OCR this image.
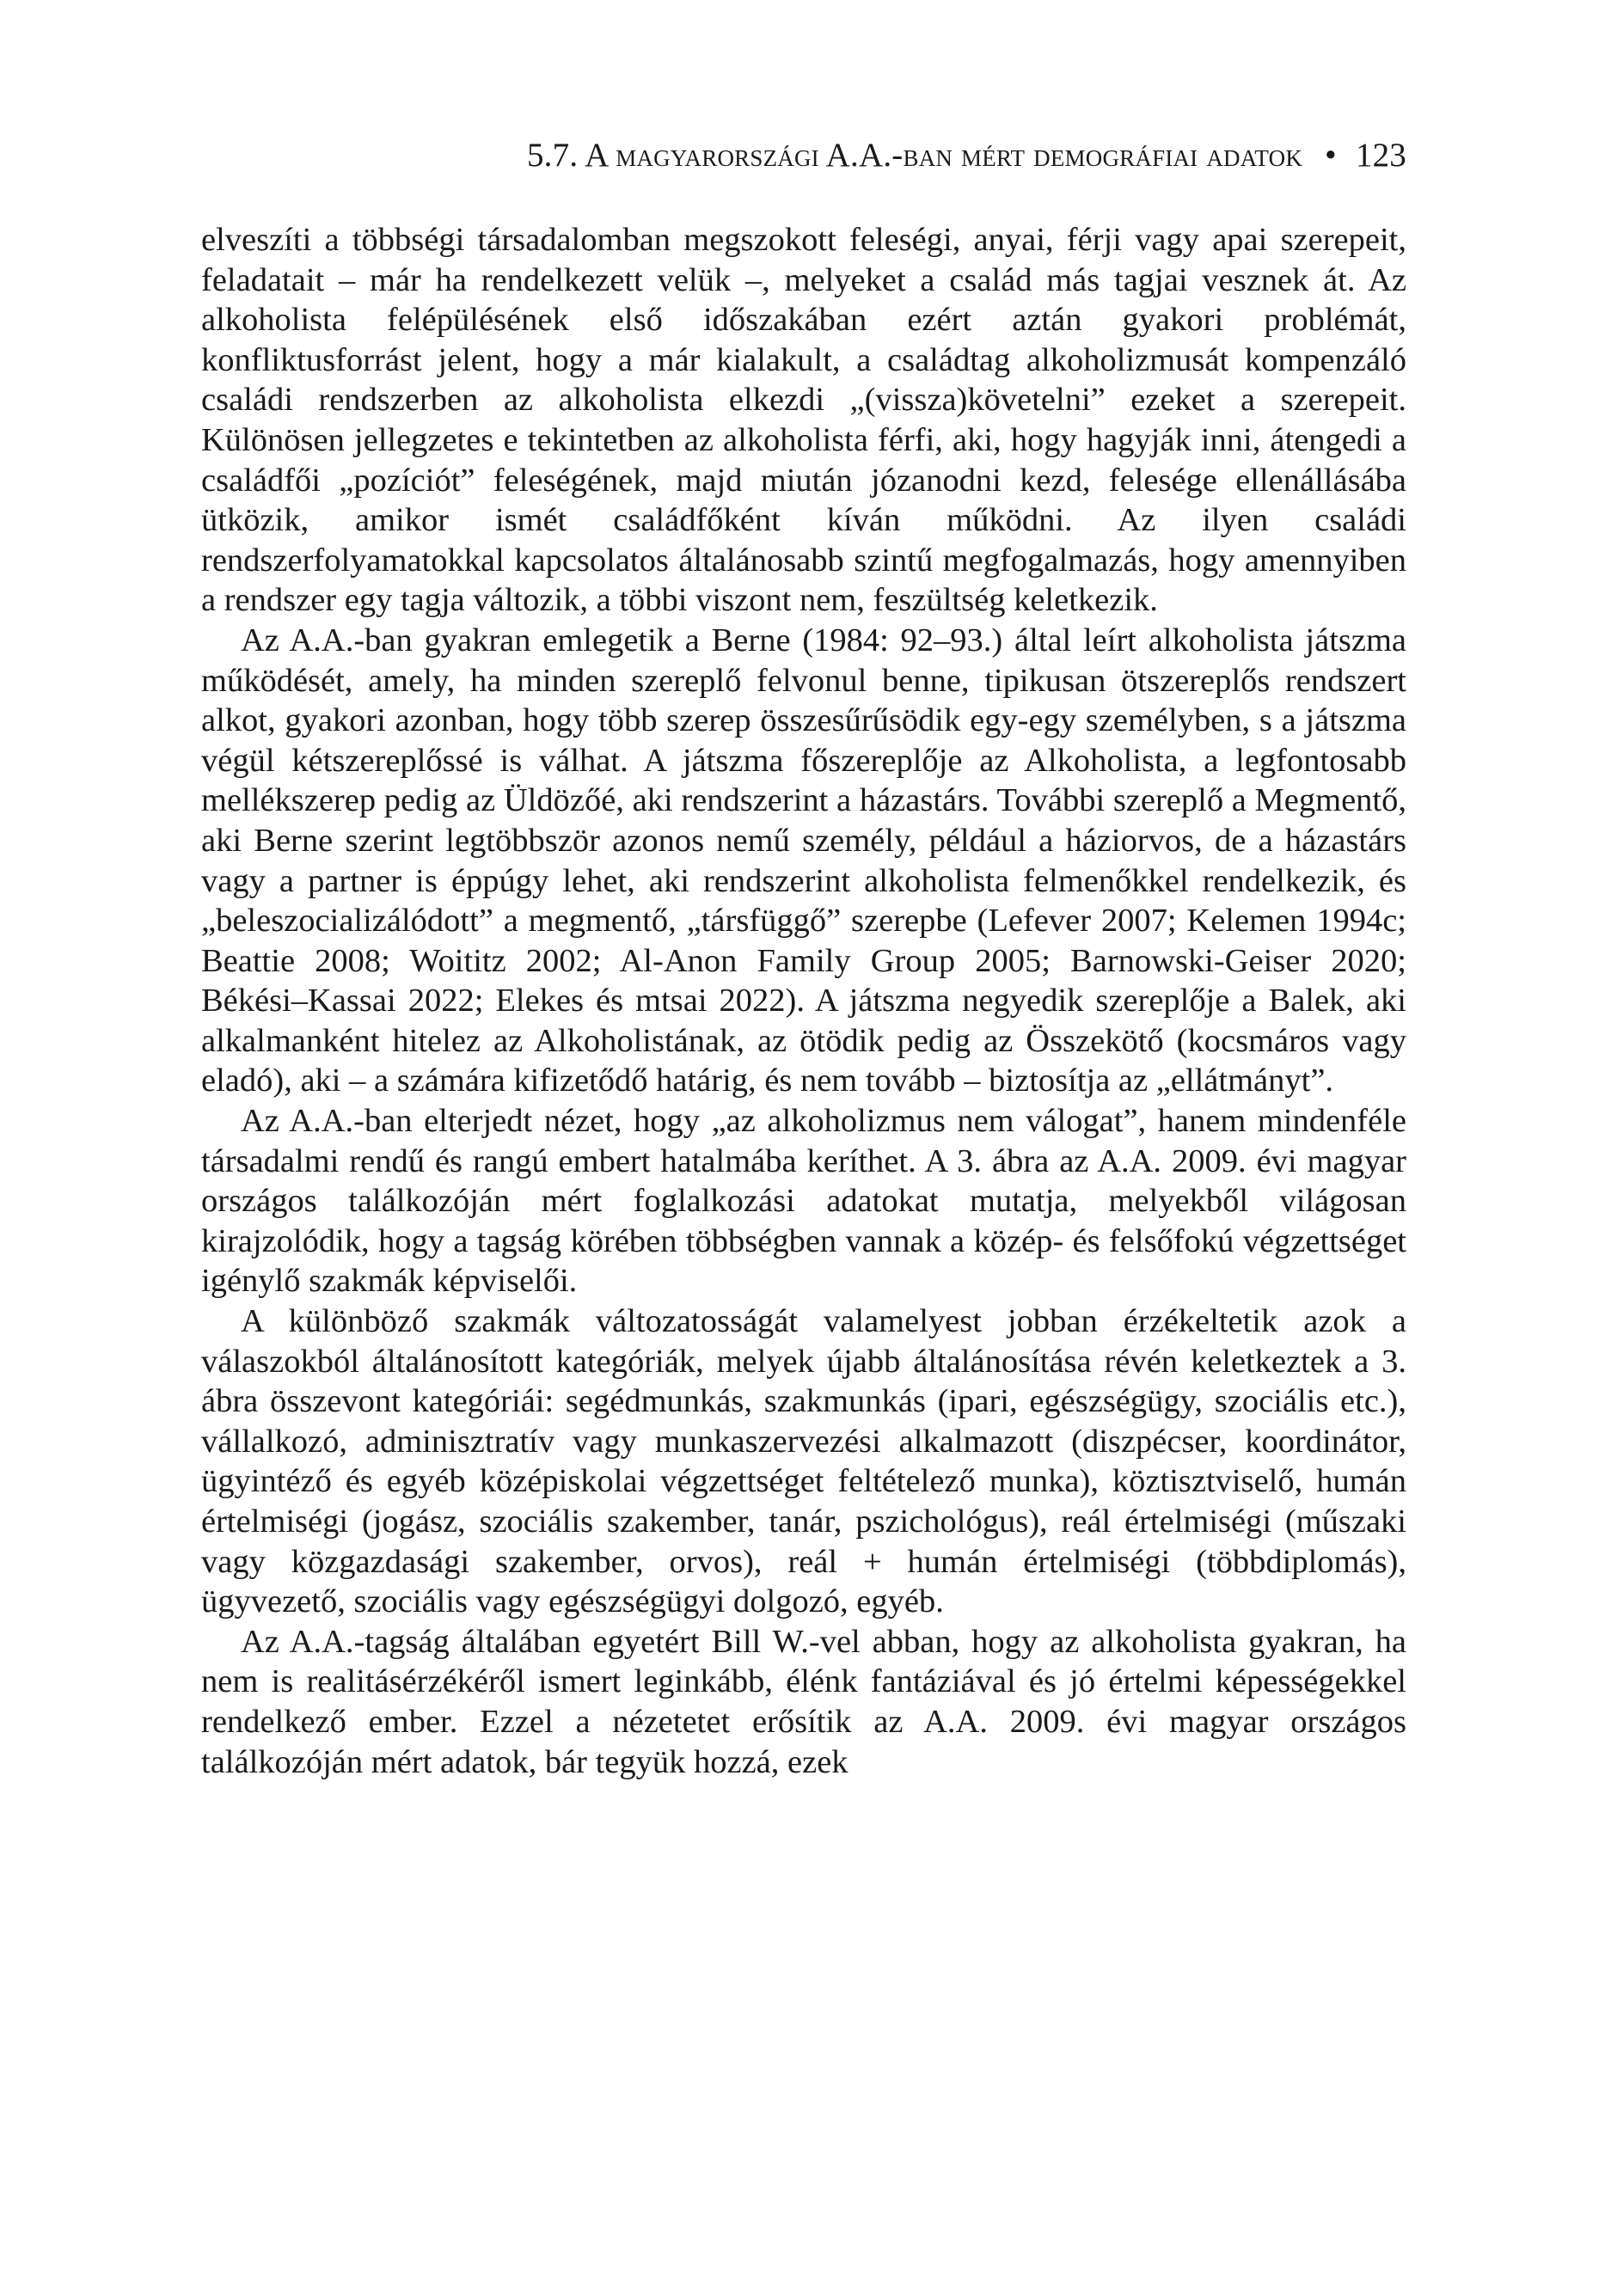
5.7. A magyarországi A.A.-ban mért demográfiai adatok • 123

elveszíti a többségi társadalomban megszokott feleségi, anyai, férji vagy apai szerepeit, feladatait – már ha rendelkezett velük –, melyeket a család más tagjai vesznek át. Az alkoholista felépülésének első időszakában ezért aztán gyakori problémát, konfliktusforrást jelent, hogy a már kialakult, a családtag alkoholizmusát kompenzáló családi rendszerben az alkoholista elkezdi „(vissza)követelni” ezeket a szerepeit. Különösen jellegzetes e tekintetben az alkoholista férfi, aki, hogy hagyják inni, átengedi a családfői „pozíciót” feleségének, majd miután józanodni kezd, felesége ellenállásába ütközik, amikor ismét családfőként kíván működni. Az ilyen családi rendszerfolyamatokkal kapcsolatos általánosabb szintű megfogalmazás, hogy amennyiben a rendszer egy tagja változik, a többi viszont nem, feszültség keletkezik.

Az A.A.-ban gyakran emlegetik a Berne (1984: 92–93.) által leírt alkoholista játszma működését, amely, ha minden szereplő felvonul benne, tipikusan ötszereplős rendszert alkot, gyakori azonban, hogy több szerep összesűrűsödik egy-egy személyben, s a játszma végül kétszereplőssé is válhat. A játszma főszereplője az Alkoholista, a legfontosabb mellékszerep pedig az Üldözőé, aki rendszerint a házastárs. További szereplő a Megmentő, aki Berne szerint legtöbbször azonos nemű személy, például a háziorvos, de a házastárs vagy a partner is éppúgy lehet, aki rendszerint alkoholista felmenőkkel rendelkezik, és „beleszocializálódott” a megmentő, „társfüggő” szerepbe (Lefever 2007; Kelemen 1994c; Beattie 2008; Woititz 2002; Al-Anon Family Group 2005; Barnowski-Geiser 2020; Békési–Kassai 2022; Elekes és mtsai 2022). A játszma negyedik szereplője a Balek, aki alkalmanként hitelez az Alkoholistának, az ötödik pedig az Összekötő (kocsmáros vagy eladó), aki – a számára kifizetődő határig, és nem tovább – biztosítja az „ellátmányt”.

Az A.A.-ban elterjedt nézet, hogy „az alkoholizmus nem válogat”, hanem mindenféle társadalmi rendű és rangú embert hatalmába keríthet. A 3. ábra az A.A. 2009. évi magyar országos találkozóján mért foglalkozási adatokat mutatja, melyekből világosan kirajzolódik, hogy a tagság körében többségben vannak a közép- és felsőfokú végzettséget igénylő szakmák képviselői.

A különböző szakmák változatosságát valamelyest jobban érzékeltetik azok a válaszokból általánosított kategóriák, melyek újabb általánosítása révén keletkeztek a 3. ábra összevont kategóriái: segédmunkás, szakmunkás (ipari, egészségügy, szociális etc.), vállalkozó, adminisztratív vagy munkaszervezési alkalmazott (diszpécser, koordinátor, ügyintéző és egyéb középiskolai végzettséget feltételező munka), köztisztviselő, humán értelmiségi (jogász, szociális szakember, tanár, pszichológus), reál értelmiségi (műszaki vagy közgazdasági szakember, orvos), reál + humán értelmiségi (többdiplomás), ügyvezető, szociális vagy egészségügyi dolgozó, egyéb.

Az A.A.-tagság általában egyetért Bill W.-vel abban, hogy az alkoholista gyakran, ha nem is realitásérzékéről ismert leginkább, élénk fantáziával és jó értelmi képességekkel rendelkező ember. Ezzel a nézetetet erősítik az A.A. 2009. évi magyar országos találkozóján mért adatok, bár tegyük hozzá, ezek
